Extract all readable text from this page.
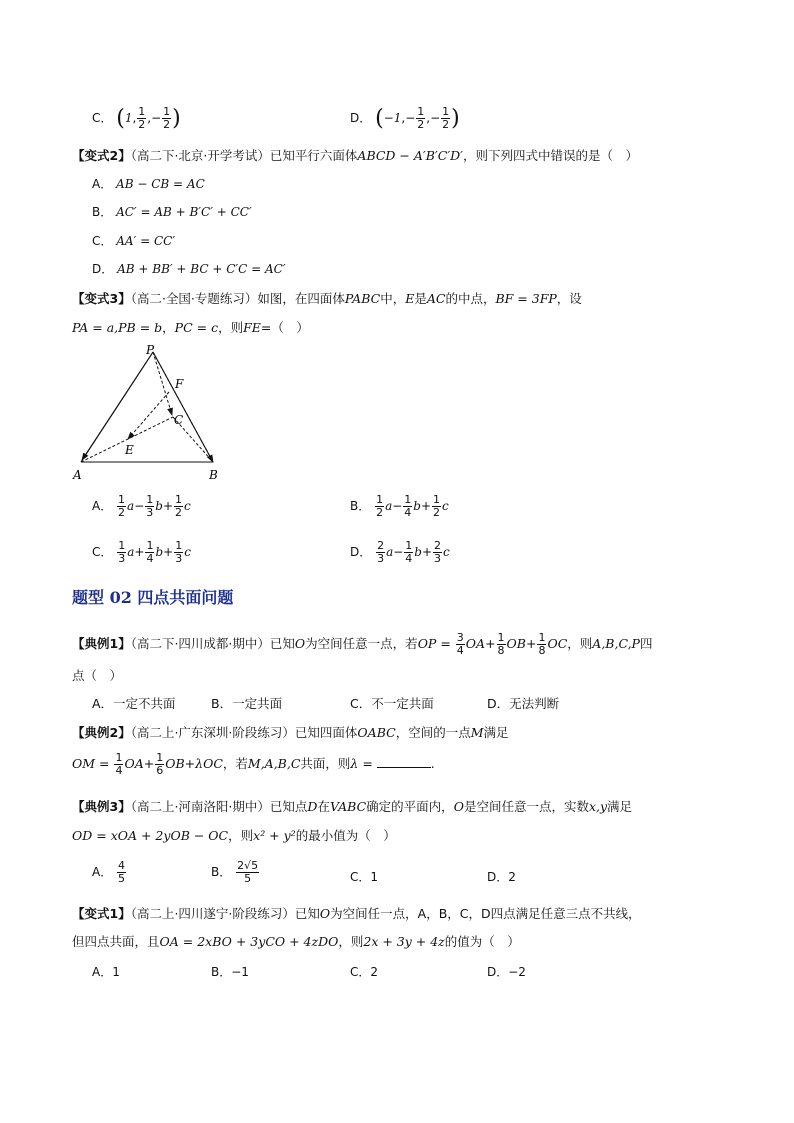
C． (1, $\frac{1}{2}$ ,− $\frac{1}{2}$ )	D． ($-1,- \frac{1}{2}$ ,− $\frac{1}{2}$ )
【变式2】（高二下·北京·开学考试）已知平行六面体ABCD − A′B′C′D′，则下列四式中错误的是（　）
A． AB − CB = AC
B． AC′ = AB + B′C′ + CC′
C． AA′ = CC′
D． AB + BB′ + BC + C′C = AC′
【变式3】（高二·全国·专题练习）如图，在四面体PABC中，E是AC的中点，BF = 3FP，设
PA = a,PB = b，PC = c，则FE=（　）
P
F
C
E
A	B
A． $\frac{1}{2} a- \frac{1}{3} b+ \frac{1}{2}$ c	B． $\frac{1}{2} a- \frac{1}{4} b+ \frac{1}{2}$ c
C． $\frac{1}{3} a+ \frac{1}{4} b+ \frac{1}{3}$ c	D． $\frac{2}{3} a- \frac{1}{4} b+ \frac{2}{3}$ c
题型 02 四点共面问题
【典例1】（高二下·四川成都·期中）已知O为空间任意一点，若OP = $\frac{3}{4} OA+ \frac{1}{8} OB+ \frac{1}{8}$ OC，则A,B,C,P四
点（　）
A．一定不共面	B．一定共面	C．不一定共面	D．无法判断
【典例2】（高二上·广东深圳·阶段练习）已知四面体OABC，空间的一点M满足
OM = $\frac{1}{4} OA+ \frac{1}{6} OB+\lambda OC$，若M,A,B,C共面，则λ =	.
【典例3】（高二上·河南洛阳·期中）已知点D在VABC确定的平面内，O是空间任意一点，实数x,y满足
OD = xOA + 2yOB − OC，则x² + y²的最小值为（　）
A． $\frac{4}{5}$	B． $\frac{2√5}{5}$	C．1	D．2
【变式1】（高二上·四川遂宁·阶段练习）已知O为空间任一点，A，B，C，D四点满足任意三点不共线，
但四点共面，且OA = 2xBO + 3yCO + 4zDO，则2x + 3y + 4z的值为（　）
A．1	B．−1	C．2	D．−2
